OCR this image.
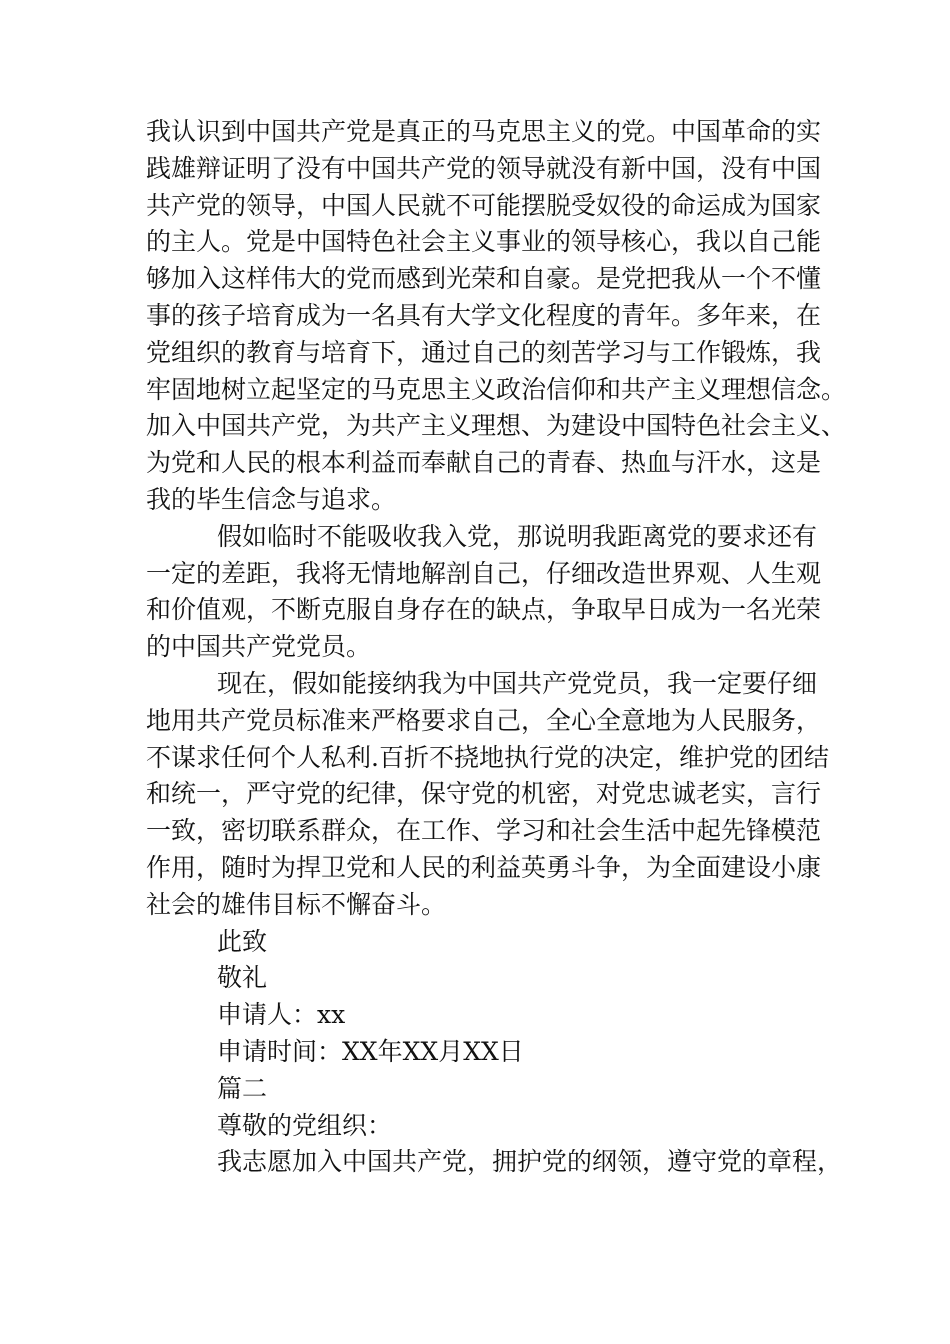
我认识到中国共产党是真正的马克思主义的党。中国革命的实
践雄辩证明了没有中国共产党的领导就没有新中国，没有中国
共产党的领导，中国人民就不可能摆脱受奴役的命运成为国家
的主人。党是中国特色社会主义事业的领导核心，我以自己能
够加入这样伟大的党而感到光荣和自豪。是党把我从一个不懂
事的孩子培育成为一名具有大学文化程度的青年。多年来，在
党组织的教育与培育下，通过自己的刻苦学习与工作锻炼，我
牢固地树立起坚定的马克思主义政治信仰和共产主义理想信念。
加入中国共产党，为共产主义理想、为建设中国特色社会主义、
为党和人民的根本利益而奉献自己的青春、热血与汗水，这是
我的毕生信念与追求。
假如临时不能吸收我入党，那说明我距离党的要求还有
一定的差距，我将无情地解剖自己，仔细改造世界观、人生观
和价值观，不断克服自身存在的缺点，争取早日成为一名光荣
的中国共产党党员。
现在，假如能接纳我为中国共产党党员，我一定要仔细
地用共产党员标准来严格要求自己，全心全意地为人民服务，
不谋求任何个人私利.百折不挠地执行党的决定，维护党的团结
和统一，严守党的纪律，保守党的机密，对党忠诚老实，言行
一致，密切联系群众，在工作、学习和社会生活中起先锋模范
作用，随时为捍卫党和人民的利益英勇斗争，为全面建设小康
社会的雄伟目标不懈奋斗。
此致
敬礼
申请人：xx
申请时间：XX年XX月XX日
篇二
尊敬的党组织：
我志愿加入中国共产党，拥护党的纲领，遵守党的章程，
